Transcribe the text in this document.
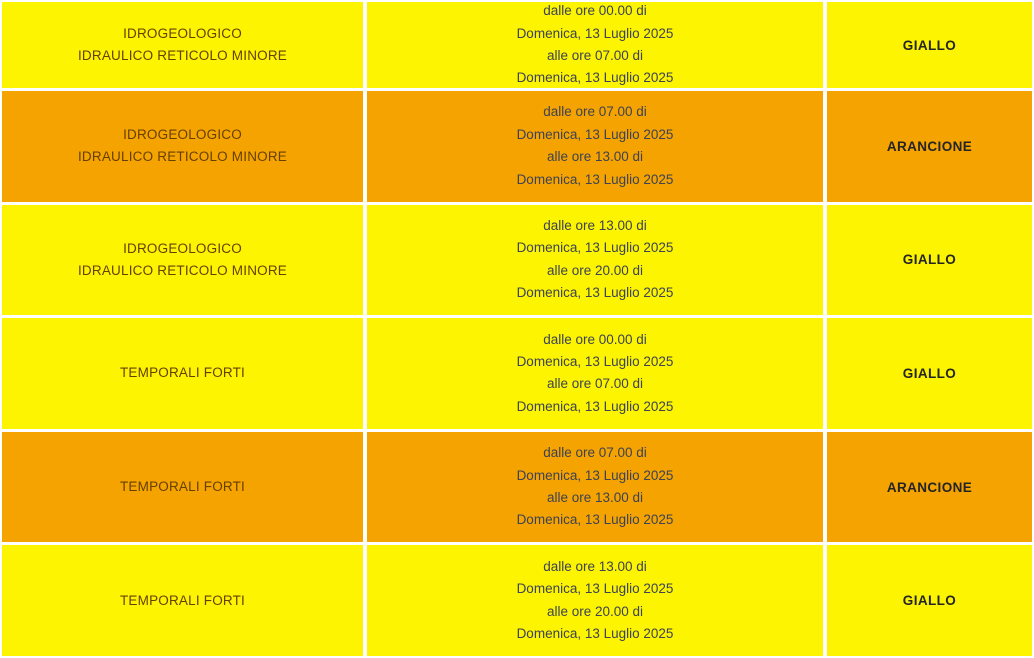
IDROGEOLOGICO
IDRAULICO RETICOLO MINORE
dalle ore 00.00 di
Domenica, 13 Luglio 2025
alle ore 07.00 di
Domenica, 13 Luglio 2025
GIALLO
IDROGEOLOGICO
IDRAULICO RETICOLO MINORE
dalle ore 07.00 di
Domenica, 13 Luglio 2025
alle ore 13.00 di
Domenica, 13 Luglio 2025
ARANCIONE
IDROGEOLOGICO
IDRAULICO RETICOLO MINORE
dalle ore 13.00 di
Domenica, 13 Luglio 2025
alle ore 20.00 di
Domenica, 13 Luglio 2025
GIALLO
TEMPORALI FORTI
dalle ore 00.00 di
Domenica, 13 Luglio 2025
alle ore 07.00 di
Domenica, 13 Luglio 2025
GIALLO
TEMPORALI FORTI
dalle ore 07.00 di
Domenica, 13 Luglio 2025
alle ore 13.00 di
Domenica, 13 Luglio 2025
ARANCIONE
TEMPORALI FORTI
dalle ore 13.00 di
Domenica, 13 Luglio 2025
alle ore 20.00 di
Domenica, 13 Luglio 2025
GIALLO
